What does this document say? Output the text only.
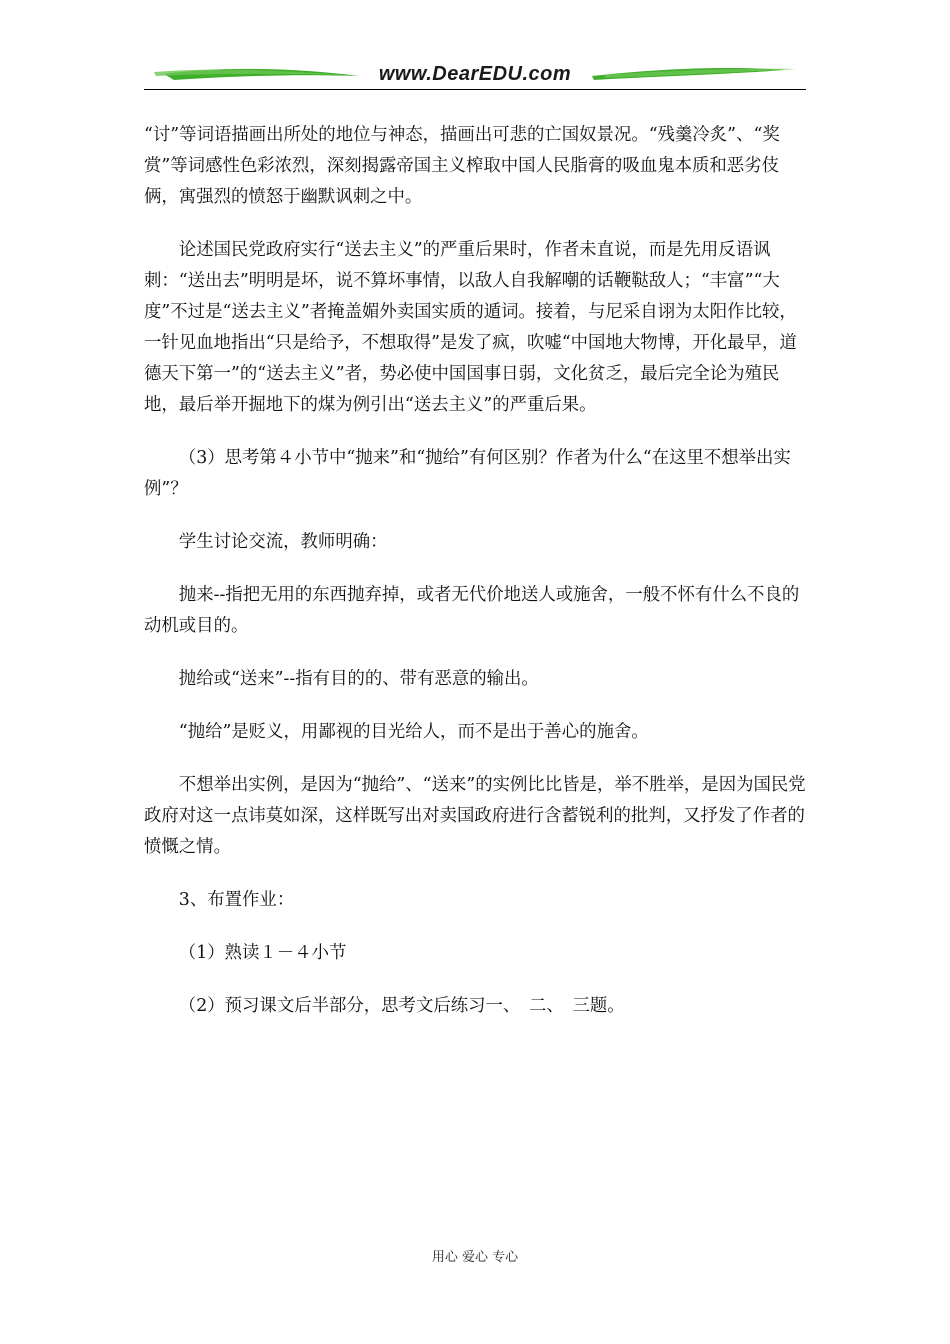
www.DearEDU.com

“讨”等词语描画出所处的地位与神态，描画出可悲的亡国奴景况。“残羹冷炙”、“奖赏”等词感性色彩浓烈，深刻揭露帝国主义榨取中国人民脂膏的吸血鬼本质和恶劣伎俩，寓强烈的愤怒于幽默讽刺之中。

论述国民党政府实行“送去主义”的严重后果时，作者未直说，而是先用反语讽刺：“送出去”明明是坏，说不算坏事情，以敌人自我解嘲的话鞭鞑敌人；“丰富”“大度”不过是“送去主义”者掩盖媚外卖国实质的遁词。接着，与尼采自诩为太阳作比较，一针见血地指出“只是给予，不想取得”是发了疯，吹嘘“中国地大物博，开化最早，道德天下第一”的“送去主义”者，势必使中国国事日弱，文化贫乏，最后完全论为殖民地，最后举开掘地下的煤为例引出“送去主义”的严重后果。

（3）思考第４小节中“抛来”和“抛给”有何区别？作者为什么“在这里不想举出实例”？

学生讨论交流，教师明确：

抛来--指把无用的东西抛弃掉，或者无代价地送人或施舍，一般不怀有什么不良的动机或目的。

抛给或“送来”--指有目的的、带有恶意的输出。

“抛给”是贬义，用鄙视的目光给人，而不是出于善心的施舍。

不想举出实例，是因为“抛给”、“送来”的实例比比皆是，举不胜举，是因为国民党政府对这一点讳莫如深，这样既写出对卖国政府进行含蓄锐利的批判，又抒发了作者的愤慨之情。

3、布置作业：

（1）熟读１－４小节

（2）预习课文后半部分，思考文后练习一、　二、　三题。

用心 爱心 专心
